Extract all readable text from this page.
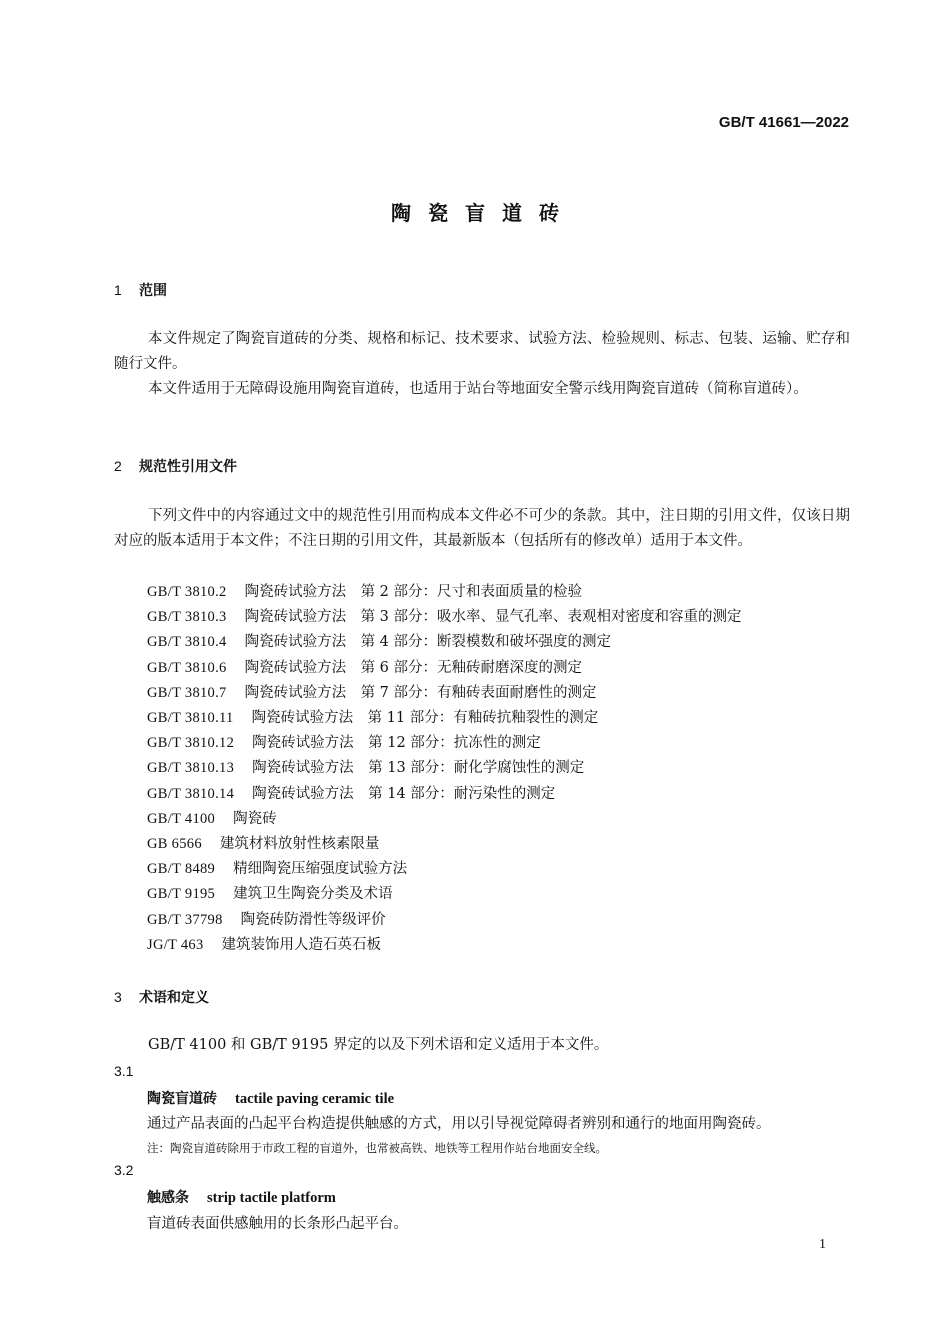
GB/T 41661—2022
陶瓷盲道砖
1 范围
本文件规定了陶瓷盲道砖的分类、规格和标记、技术要求、试验方法、检验规则、标志、包装、运输、贮存和随行文件。
本文件适用于无障碍设施用陶瓷盲道砖，也适用于站台等地面安全警示线用陶瓷盲道砖（简称盲道砖）。
2 规范性引用文件
下列文件中的内容通过文中的规范性引用而构成本文件必不可少的条款。其中，注日期的引用文件，仅该日期对应的版本适用于本文件；不注日期的引用文件，其最新版本（包括所有的修改单）适用于本文件。
GB/T 3810.2 陶瓷砖试验方法　第 2 部分：尺寸和表面质量的检验
GB/T 3810.3 陶瓷砖试验方法　第 3 部分：吸水率、显气孔率、表观相对密度和容重的测定
GB/T 3810.4 陶瓷砖试验方法　第 4 部分：断裂模数和破坏强度的测定
GB/T 3810.6 陶瓷砖试验方法　第 6 部分：无釉砖耐磨深度的测定
GB/T 3810.7 陶瓷砖试验方法　第 7 部分：有釉砖表面耐磨性的测定
GB/T 3810.11 陶瓷砖试验方法　第 11 部分：有釉砖抗釉裂性的测定
GB/T 3810.12 陶瓷砖试验方法　第 12 部分：抗冻性的测定
GB/T 3810.13 陶瓷砖试验方法　第 13 部分：耐化学腐蚀性的测定
GB/T 3810.14 陶瓷砖试验方法　第 14 部分：耐污染性的测定
GB/T 4100 陶瓷砖
GB 6566 建筑材料放射性核素限量
GB/T 8489 精细陶瓷压缩强度试验方法
GB/T 9195 建筑卫生陶瓷分类及术语
GB/T 37798 陶瓷砖防滑性等级评价
JG/T 463 建筑装饰用人造石英石板
3 术语和定义
GB/T 4100 和 GB/T 9195 界定的以及下列术语和定义适用于本文件。
3.1
陶瓷盲道砖 tactile paving ceramic tile
通过产品表面的凸起平台构造提供触感的方式，用以引导视觉障碍者辨别和通行的地面用陶瓷砖。
注：陶瓷盲道砖除用于市政工程的盲道外，也常被高铁、地铁等工程用作站台地面安全线。
3.2
触感条 strip tactile platform
盲道砖表面供感触用的长条形凸起平台。
1
